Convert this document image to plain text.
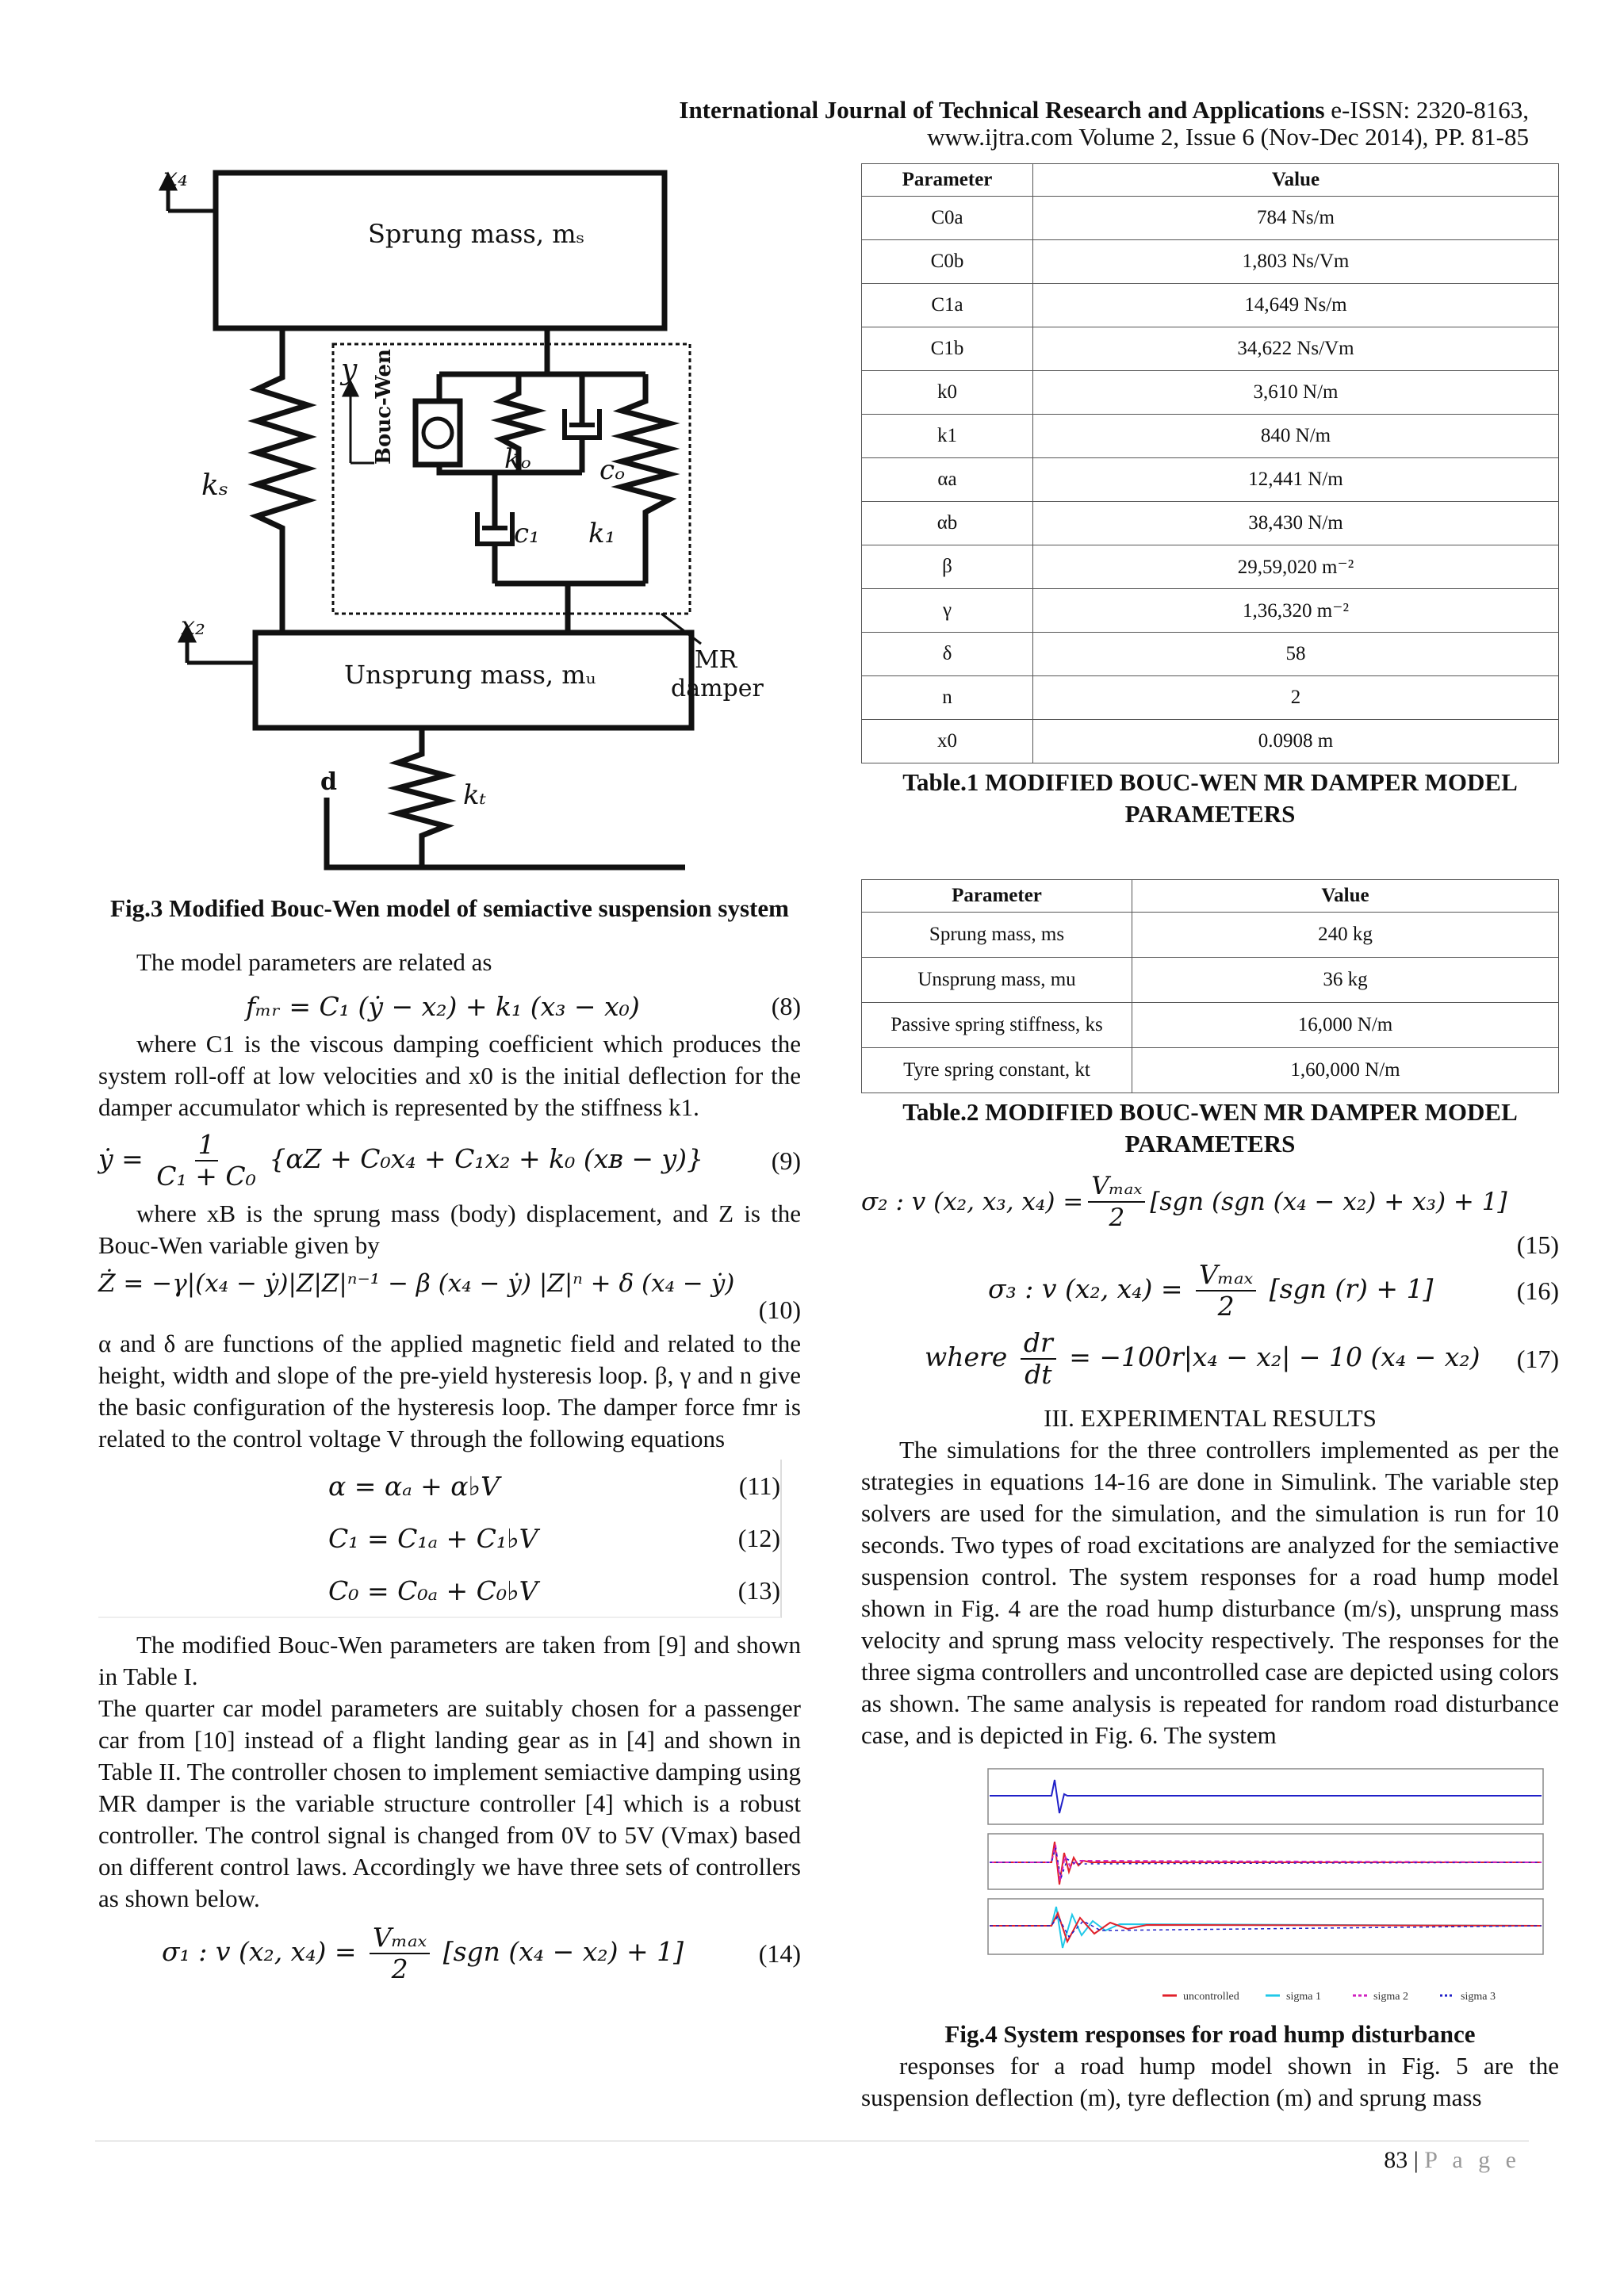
International Journal of Technical Research and Applications e-ISSN: 2320-8163,
www.ijtra.com Volume 2, Issue 6 (Nov-Dec 2014), PP. 81-85
x₄
x₂
d
kₛ
kₜ
y
kₒ	cₒ
c₁ k₁
Bouc-Wen
Sprung mass, mₛ
Unsprung mass, mᵤ	MR
damper

Fig.3 Modified Bouc-Wen model of semiactive suspension system

The model parameters are related as

fₘᵣ = C₁ (ẏ − x₂) + k₁ (x₃ − x₀)	(8)

where C1 is the viscous damping coefficient which produces the system roll-off at low velocities and x0 is the initial deflection for the damper accumulator which is represented by the stiffness k1.

ẏ = $\frac{1}{\text{C₁ + C₀}} \{\alpha Z + C_0x_4 + C_1x_2 + k_0$ (xʙ − y)}	(9)

where xB is the sprung mass (body) displacement, and Z is the Bouc-Wen variable given by

Ż = −γ|(x₄ − ẏ)|Z|Z|ⁿ⁻¹ − β (x₄ − ẏ) |Z|ⁿ + δ (x₄ − ẏ)
(10)

α and δ are functions of the applied magnetic field and related to the height, width and slope of the pre-yield hysteresis loop. β, γ and n give the basic configuration of the hysteresis loop. The damper force fmr is related to the control voltage V through the following equations

α = αₐ + α♭V	(11)
C₁ = C₁ₐ + C₁♭V	(12)
C₀ = C₀ₐ + C₀♭V	(13)

The modified Bouc-Wen parameters are taken from [9] and shown in Table I.

The quarter car model parameters are suitably chosen for a passenger car from [10] instead of a flight landing gear as in [4] and shown in Table II. The controller chosen to implement semiactive damping using MR damper is the variable structure controller [4] which is a robust controller. The control signal is changed from 0V to 5V (Vmax) based on different control laws. Accordingly we have three sets of controllers as shown below.

σ₁ : v (x₂, $x_4) = \frac{\text{Vₘₐₓ}}{2} [sgn$ (x₄ − x₂) + 1]	(14)
Parameter	Value
C0a	784 Ns/m
C0b	1,803 Ns/Vm
C1a	14,649 Ns/m
C1b	34,622 Ns/Vm
k0	3,610 N/m
k1	840 N/m
αa	12,441 N/m
αb	38,430 N/m
β	29,59,020 m⁻²
γ	1,36,320 m⁻²
δ	58
n	2
x0	0.0908 m

Table.1 MODIFIED BOUC-WEN MR DAMPER MODEL PARAMETERS

Parameter	Value
Sprung mass, ms	240 kg
Unsprung mass, mu	36 kg
Passive spring stiffness, ks	16,000 N/m
Tyre spring constant, kt	1,60,000 N/m

Table.2 MODIFIED BOUC-WEN MR DAMPER MODEL PARAMETERS

σ₂ : v (x₂, x₃, $x_4) = \frac{\text{Vₘₐₓ}}{2} [sgn$ (sgn (x₄ − x₂) + x₃) + 1]
(15)
σ₃ : v (x₂, $x_4) = \frac{\text{Vₘₐₓ}}{2} [sgn$ (r) + 1]	(16)
where $\frac{dr}{dt} = -100r|x_4 - x_2| - 10$ (x₄ − x₂) (17)

III. EXPERIMENTAL RESULTS

The simulations for the three controllers implemented as per the strategies in equations 14-16 are done in Simulink. The variable step solvers are used for the simulation, and the simulation is run for 10 seconds. Two types of road excitations are analyzed for the semiactive suspension control. The system responses for a road hump model shown in Fig. 4 are the road hump disturbance (m/s), unsprung mass velocity and sprung mass velocity respectively. The responses for the three sigma controllers and uncontrolled case are depicted using colors as shown. The same analysis is repeated for random road disturbance case, and is depicted in Fig. 6. The system

uncontrolled	sigma 1	sigma 2	sigma 3

Fig.4 System responses for road hump disturbance

responses for a road hump model shown in Fig. 5 are the suspension deflection (m), tyre deflection (m) and sprung mass

83 | P a g e
